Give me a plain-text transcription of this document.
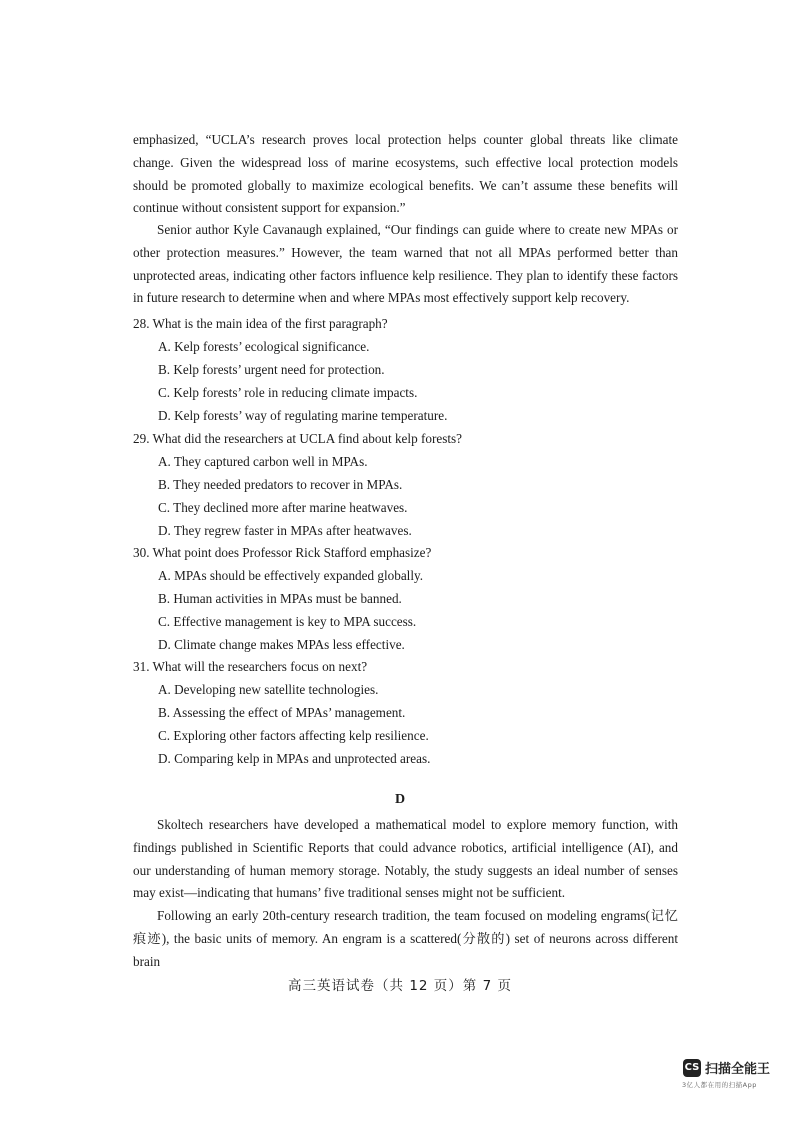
emphasized, “UCLA’s research proves local protection helps counter global threats like climate change. Given the widespread loss of marine ecosystems, such effective local protection models should be promoted globally to maximize ecological benefits. We can’t assume these benefits will continue without consistent support for expansion.”

Senior author Kyle Cavanaugh explained, “Our findings can guide where to create new MPAs or other protection measures.” However, the team warned that not all MPAs performed better than unprotected areas, indicating other factors influence kelp resilience. They plan to identify these factors in future research to determine when and where MPAs most effectively support kelp recovery.

28. What is the main idea of the first paragraph?

A. Kelp forests’ ecological significance.

B. Kelp forests’ urgent need for protection.

C. Kelp forests’ role in reducing climate impacts.

D. Kelp forests’ way of regulating marine temperature.

29. What did the researchers at UCLA find about kelp forests?

A. They captured carbon well in MPAs.

B. They needed predators to recover in MPAs.

C. They declined more after marine heatwaves.

D. They regrew faster in MPAs after heatwaves.

30. What point does Professor Rick Stafford emphasize?

A. MPAs should be effectively expanded globally.

B. Human activities in MPAs must be banned.

C. Effective management is key to MPA success.

D. Climate change makes MPAs less effective.

31. What will the researchers focus on next?

A. Developing new satellite technologies.

B. Assessing the effect of MPAs’ management.

C. Exploring other factors affecting kelp resilience.

D. Comparing kelp in MPAs and unprotected areas.

D

Skoltech researchers have developed a mathematical model to explore memory function, with findings published in Scientific Reports that could advance robotics, artificial intelligence (AI), and our understanding of human memory storage. Notably, the study suggests an ideal number of senses may exist—indicating that humans’ five traditional senses might not be sufficient.

Following an early 20th-century research tradition, the team focused on modeling engrams(记忆痕迹), the basic units of memory. An engram is a scattered(分散的) set of neurons across different brain

高三英语试卷（共 12 页）第 7 页
CS 扫描全能王
3亿人都在用的扫描App
